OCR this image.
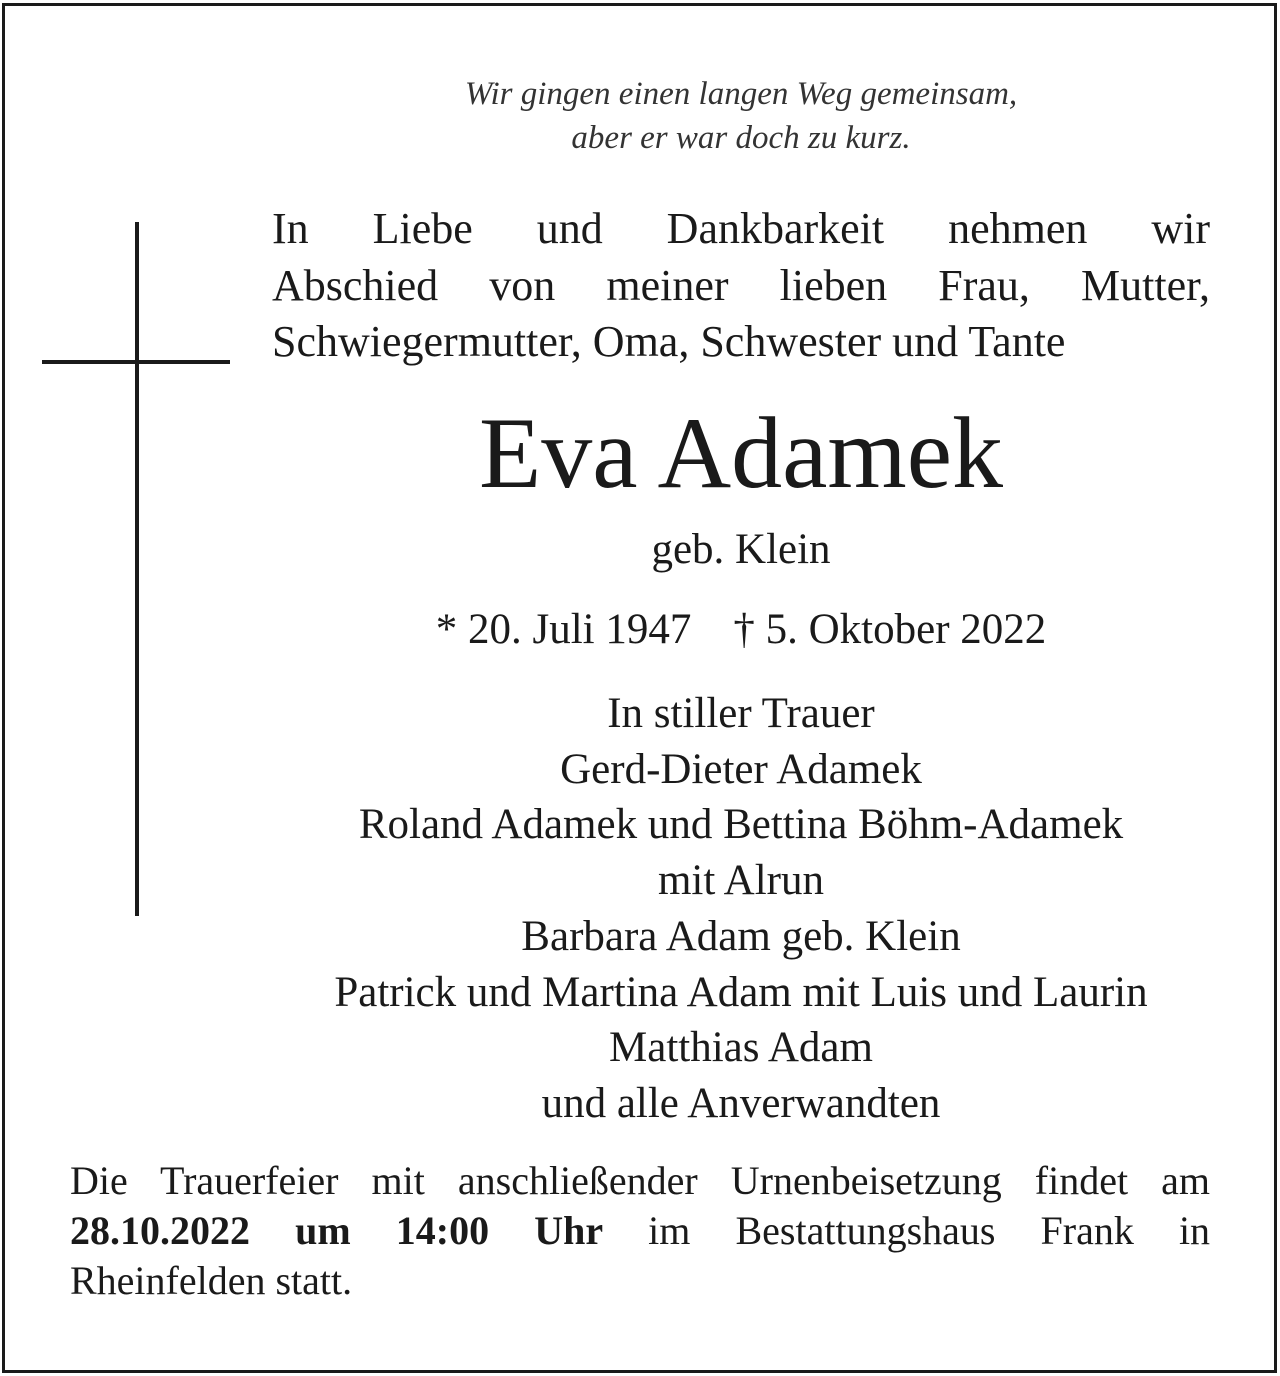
Wir gingen einen langen Weg gemeinsam,
aber er war doch zu kurz.
In Liebe und Dankbarkeit nehmen wir
Abschied von meiner lieben Frau, Mutter,
Schwiegermutter, Oma, Schwester und Tante
Eva Adamek
geb. Klein
* 20. Juli 1947 † 5. Oktober 2022
In stiller Trauer
Gerd-Dieter Adamek
Roland Adamek und Bettina Böhm-Adamek
mit Alrun
Barbara Adam geb. Klein
Patrick und Martina Adam mit Luis und Laurin
Matthias Adam
und alle Anverwandten
Die Trauerfeier mit anschließender Urnenbeisetzung findet am
28.10.2022 um 14:00 Uhr im Bestattungshaus Frank in
Rheinfelden statt.
